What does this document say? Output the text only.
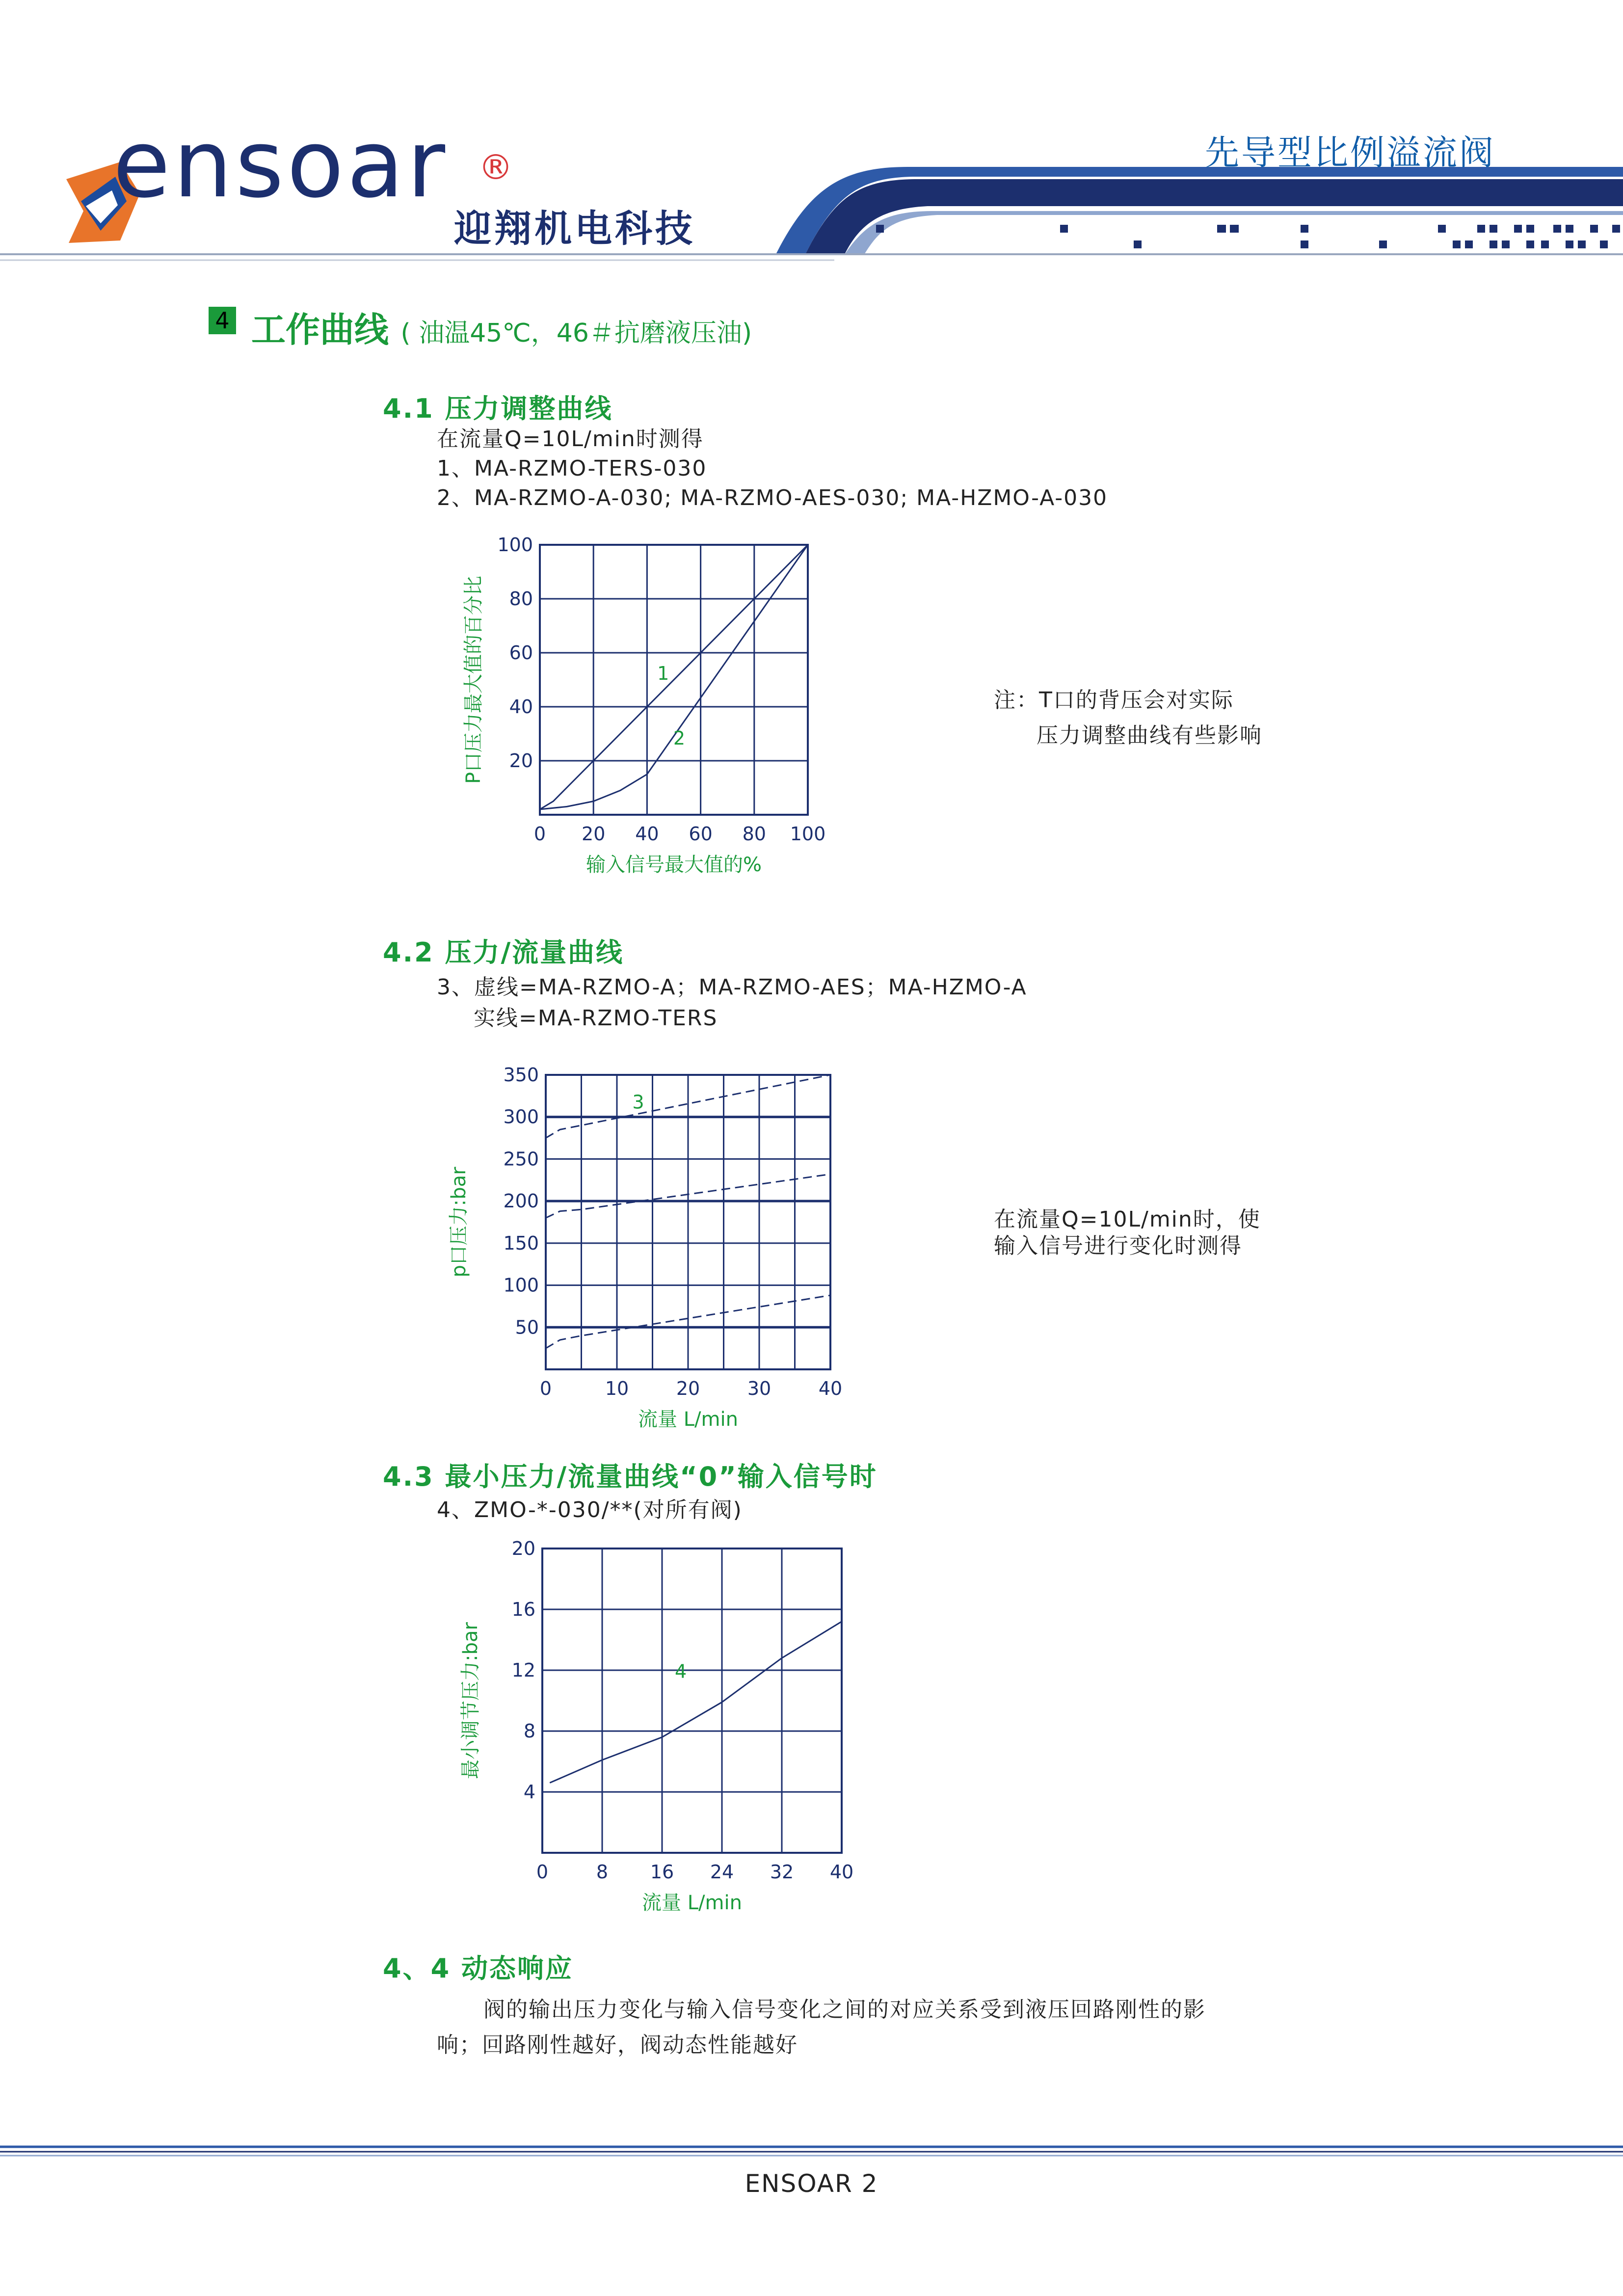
ensoar ®
迎翔机电科技
先导型比例溢流阀
4 工作曲线 ( 油温45℃，46＃抗磨液压油)
4.1 压力调整曲线
在流量Q=10L/min时测得
1、MA-RZMO-TERS-030
2、MA-RZMO-A-030; MA-RZMO-AES-030; MA-HZMO-A-030
0 20 40 60 80 100
20
40
60
80
100
输入信号最大值的%
P口压力最大值的百分比	1
2
注：T口的背压会对实际
压力调整曲线有些影响
4.2 压力/流量曲线
3、虚线=MA-RZMO-A；MA-RZMO-AES；MA-HZMO-A
实线=MA-RZMO-TERS
0	10	20	30	40
50
100
150
200
250
300
350
流量 L/min
p口压力:bar
3
在流量Q=10L/min时，使
输入信号进行变化时测得
4.3 最小压力/流量曲线“0”输入信号时
4、ZMO-*-030/**(对所有阀)
0	8 16 24 32 40
4
8
12
16
20
流量 L/min
最小调节压力:bar	4
4、4 动态响应
阀的输出压力变化与输入信号变化之间的对应关系受到液压回路刚性的影
响；回路刚性越好，阀动态性能越好
ENSOAR 2
